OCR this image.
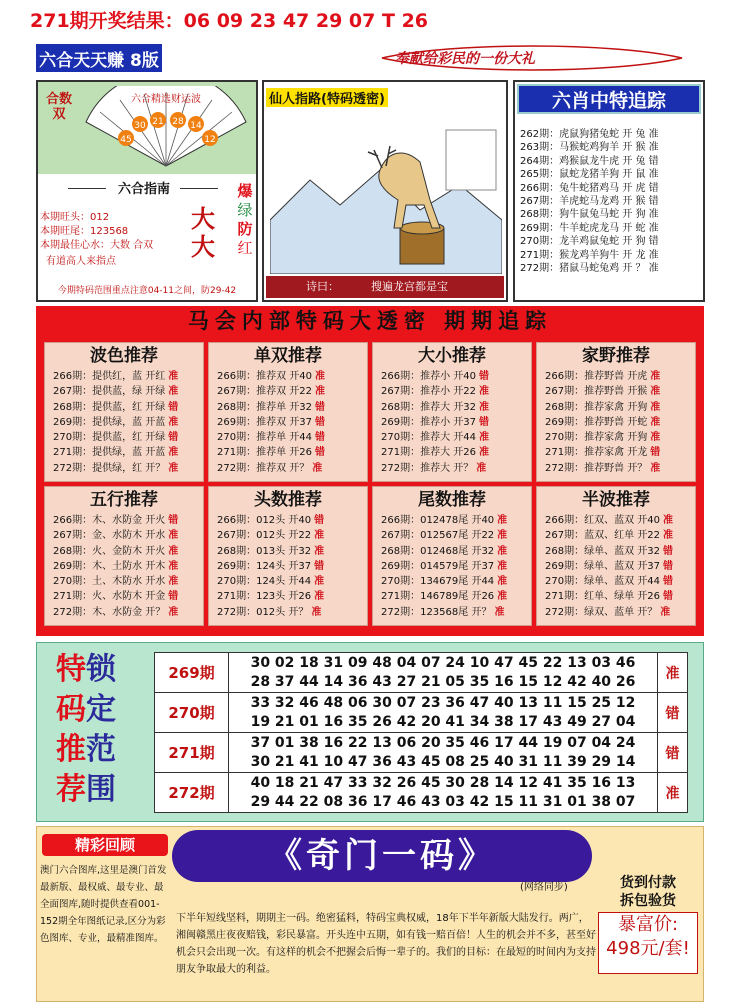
271期开奖结果：06 09 23 47 29 07 T 26
六合天天赚 8版	奉献给彩民的一份大礼
合数双
30 21 28 14
45	12
六合精选财运波
六合指南
本期旺头：012
本期旺尾：123568
本期最佳心水：大数 合双
有道高人来指点
大
大
爆
绿
防
红
今期特码范围重点注意04-11之间，防29-42
仙人指路(特码透密)
诗曰：	搜遍龙宫都是宝
六肖中特追踪
262期：虎鼠狗猪兔蛇 开 兔 准
263期：马猴蛇鸡狗羊 开 猴 准
264期：鸡猴鼠龙牛虎 开 兔 错
265期：鼠蛇龙猪羊狗 开 鼠 准
266期：兔牛蛇猪鸡马 开 虎 错
267期：羊虎蛇马龙鸡 开 猴 错
268期：狗牛鼠兔马蛇 开 狗 准
269期：牛羊蛇虎龙马 开 蛇 准
270期：龙羊鸡鼠兔蛇 开 狗 错
271期：猴龙鸡羊狗牛 开 龙 准
272期：猪鼠马蛇兔鸡 开 ？ 准
马会内部特码大透密 期期追踪
波色推荐
266期：提供红，蓝 开红 准
267期：提供蓝，绿 开绿 准
268期：提供蓝，红 开绿 错
269期：提供绿，蓝 开蓝 准
270期：提供蓝，红 开绿 错
271期：提供绿，蓝 开蓝 准
272期：提供绿，红 开？ 准
单双推荐
266期：推荐双 开40 准
267期：推荐双 开22 准
268期：推荐单 开32 错
269期：推荐双 开37 错
270期：推荐单 开44 错
271期：推荐单 开26 错
272期：推荐双 开？ 准
大小推荐
266期：推荐小 开40 错
267期：推荐小 开22 准
268期：推荐大 开32 准
269期：推荐小 开37 错
270期：推荐大 开44 准
271期：推荐大 开26 准
272期：推荐大 开？ 准
家野推荐
266期：推荐野兽 开虎 准
267期：推荐野兽 开猴 准
268期：推荐家禽 开狗 准
269期：推荐野兽 开蛇 准
270期：推荐家禽 开狗 准
271期：推荐家禽 开龙 错
272期：推荐野兽 开？ 准
五行推荐
266期：木、水防金 开火 错
267期：金、水防木 开水 准
268期：火、金防木 开火 准
269期：木、土防水 开木 准
270期：土、木防水 开水 准
271期：火、水防木 开金 错
272期：木、水防金 开？ 准
头数推荐
266期：012头 开40 错
267期：012头 开22 准
268期：013头 开32 准
269期：124头 开37 错
270期：124头 开44 准
271期：123头 开26 准
272期：012头 开？ 准
尾数推荐
266期：012478尾 开40 准
267期：012567尾 开22 准
268期：012468尾 开32 准
269期：014579尾 开37 准
270期：134679尾 开44 准
271期：146789尾 开26 准
272期：123568尾 开？ 准
半波推荐
266期：红双、蓝双 开40 准
267期：蓝双、红单 开22 准
268期：绿单、蓝双 开32 错
269期：绿单、蓝双 开37 错
270期：绿单、蓝双 开44 错
271期：红单、绿单 开26 错
272期：绿双、蓝单 开？ 准
特锁
码定
推范
荐围
269期	30 02 18 31 09 48 04 07 24 10 47 45 22 13 03 46
28 37 44 14 36 43 27 21 05 35 16 15 12 42 40 26	准
270期	33 32 46 48 06 30 07 23 36 47 40 13 11 15 25 12
19 21 01 16 35 26 42 20 41 34 38 17 43 49 27 04	错
271期	37 01 38 16 22 13 06 20 35 46 17 44 19 07 04 24
30 21 41 10 47 36 43 45 08 25 40 31 11 39 29 14	错
272期	40 18 21 47 33 32 26 45 30 28 14 12 41 35 16 13
29 44 22 08 36 17 46 43 03 42 15 11 31 01 38 07	准
精彩回顾
澳门六合图库,这里是澳门首发最新版、最权威、最专业、最全面图库,随时提供查看001-152期全年图纸记录,区分为彩色图库、专业，最精准图库。
《奇门一码》
(网络同步)
下半年短线坚料，期期主一码。绝密猛料，特码宝典权威，18年下半年新版大陆发行。两广，湘闽赣黑庄夜夜赔钱，彩民暴富。开头连中五期，如有钱一赔百倍！人生的机会并不多，甚至好机会只会出现一次。有这样的机会不把握会后悔一辈子的。我们的目标：在最短的时间内为支持朋友争取最大的利益。
货到付款
拆包验货
暴富价:
498元/套!
